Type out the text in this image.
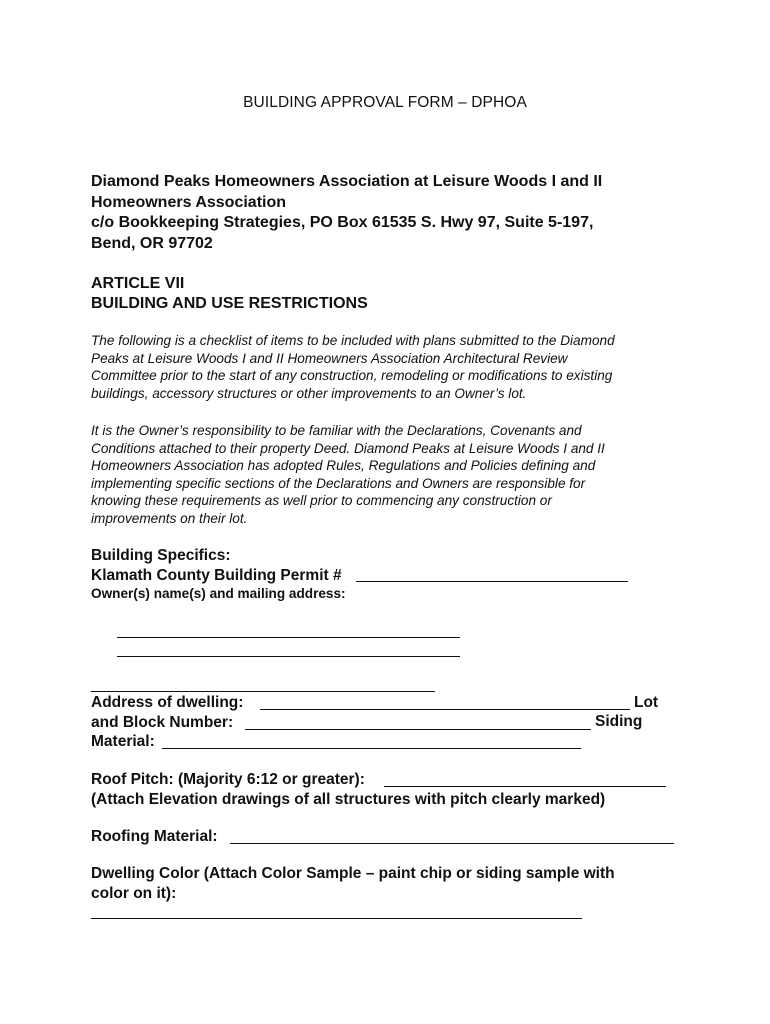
BUILDING APPROVAL FORM – DPHOA
Diamond Peaks Homeowners Association at Leisure Woods I and II
Homeowners Association
c/o Bookkeeping Strategies, PO Box 61535 S. Hwy 97, Suite 5-197,
Bend, OR 97702
ARTICLE VII
BUILDING AND USE RESTRICTIONS
The following is a checklist of items to be included with plans submitted to the Diamond
Peaks at Leisure Woods I and II Homeowners Association Architectural Review
Committee prior to the start of any construction, remodeling or modifications to existing
buildings, accessory structures or other improvements to an Owner’s lot.
It is the Owner’s responsibility to be familiar with the Declarations, Covenants and
Conditions attached to their property Deed. Diamond Peaks at Leisure Woods I and II
Homeowners Association has adopted Rules, Regulations and Policies defining and
implementing specific sections of the Declarations and Owners are responsible for
knowing these requirements as well prior to commencing any construction or
improvements on their lot.
Building Specifics:
Klamath County Building Permit #
Owner(s) name(s) and mailing address:
Address of dwelling:
and Block Number:
Material:
Lot
Siding
Roof Pitch: (Majority 6:12 or greater):
(Attach Elevation drawings of all structures with pitch clearly marked)
Roofing Material:
Dwelling Color (Attach Color Sample – paint chip or siding sample with
color on it):
